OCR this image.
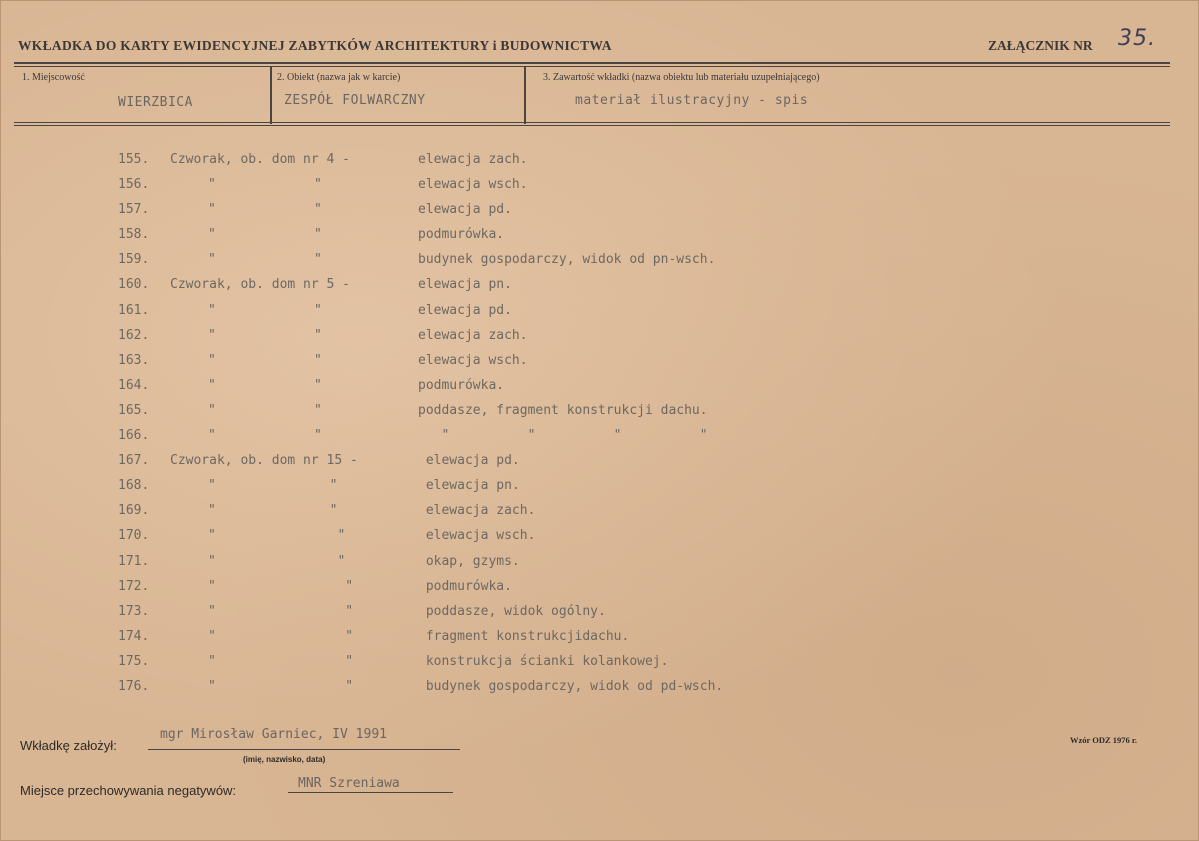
WKŁADKA DO KARTY EWIDENCYJNEJ ZABYTKÓW ARCHITEKTURY i BUDOWNICTWA	ZAŁĄCZNIK NR 35.
1. Miejscowość	2. Obiekt (nazwa jak w karcie)	3. Zawartość wkładki (nazwa obiektu lub materiału uzupełniającego)
WIERZBICA	ZESPÓŁ FOLWARCZNY	materiał ilustracyjny - spis
155. Czworak, ob. dom nr 4 -	elewacja zach.
156.	"	"	elewacja wsch.
157.	"	"	elewacja pd.
158.	"	"	podmurówka.
159.	"	"	budynek gospodarczy, widok od pn-wsch.
160. Czworak, ob. dom nr 5 -	elewacja pn.
161.	"	"	elewacja pd.
162.	"	"	elewacja zach.
163.	"	"	elewacja wsch.
164.	"	"	podmurówka.
165.	"	"	poddasze, fragment konstrukcji dachu.
166.	"	"	"          "          "          "
167. Czworak, ob. dom nr 15 -	elewacja pd.
168.	"	"	elewacja pn.
169.	"	"	elewacja zach.
170.	"	"	elewacja wsch.
171.	"	"	okap, gzyms.
172.	"	"	podmurówka.
173.	"	"	poddasze, widok ogólny.
174.	"	"	fragment konstrukcjidachu.
175.	"	"	konstrukcja ścianki kolankowej.
176.	"	"	budynek gospodarczy, widok od pd-wsch.
Wkładkę założył:
mgr Mirosław Garniec, IV 1991
(imię, nazwisko, data)
Miejsce przechowywania negatywów:	MNR Szreniawa
Wzór ODZ 1976 r.
